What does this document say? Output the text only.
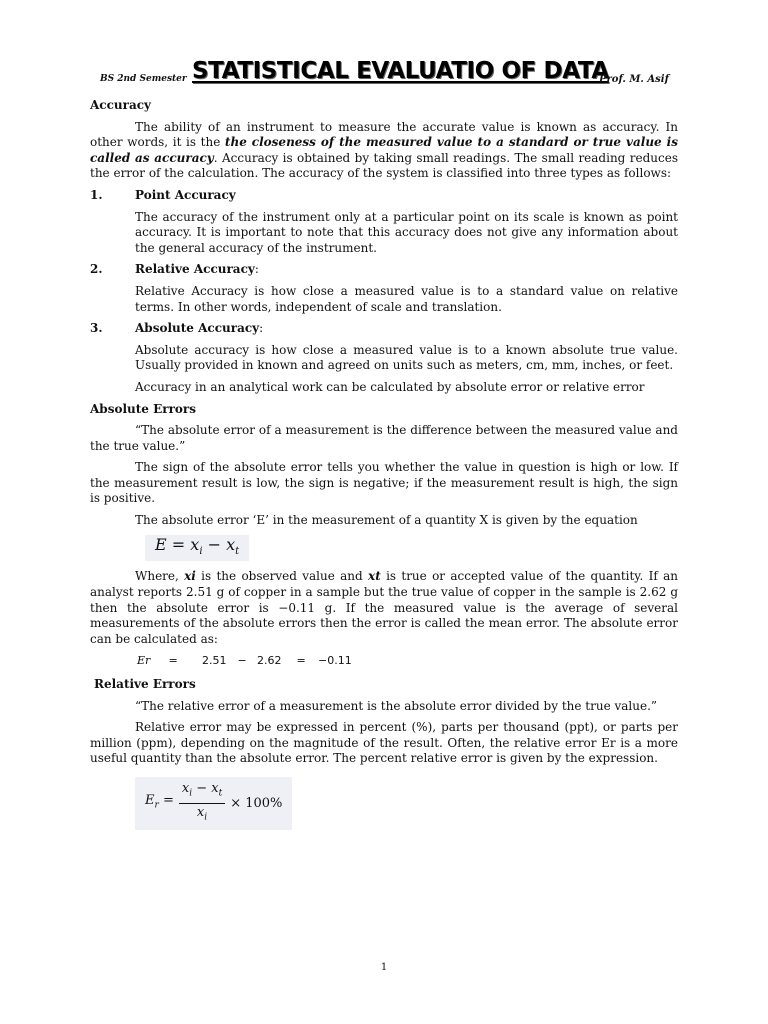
BS 2nd Semester STATISTICAL EVALUATIO OF DATA
Prof. M. Asif
Accuracy

The ability of an instrument to measure the accurate value is known as accuracy. In other words, it is the the closeness of the measured value to a standard or true value is called as accuracy. Accuracy is obtained by taking small readings. The small reading reduces the error of the calculation. The accuracy of the system is classified into three types as follows:

1.	Point Accuracy

The accuracy of the instrument only at a particular point on its scale is known as point accuracy. It is important to note that this accuracy does not give any information about the general accuracy of the instrument.

2.	Relative Accuracy :

Relative Accuracy is how close a measured value is to a standard value on relative terms. In other words, independent of scale and translation.

3.	Absolute Accuracy :

Absolute accuracy is how close a measured value is to a known absolute true value. Usually provided in known and agreed on units such as meters, cm, mm, inches, or feet.

Accuracy in an analytical work can be calculated by absolute error or relative error

Absolute Errors

“The absolute error of a measurement is the difference between the measured value and the true value.”

The sign of the absolute error tells you whether the value in question is high or low. If the measurement result is low, the sign is negative; if the measurement result is high, the sign is positive.

The absolute error ‘E’ in the measurement of a quantity X is given by the equation

$E = x_i - x_t$

Where, xi is the observed value and xt is true or accepted value of the quantity. If an analyst reports 2.51 g of copper in a sample but the true value of copper in the sample is 2.62 g then the absolute error is −0.11 g. If the measured value is the average of several measurements of the absolute errors then the error is called the mean error. The absolute error can be calculated as:

Er = 2.51 − 2.62 = −0.11
Relative Errors

“The relative error of a measurement is the absolute error divided by the true value.”

Relative error may be expressed in percent (%), parts per thousand (ppt), or parts per million (ppm), depending on the magnitude of the result. Often, the relative error Er is a more useful quantity than the absolute error. The percent relative error is given by the expression.

$E_r = \frac{x_i - x_t}{x_i} \times 100\%$
1
